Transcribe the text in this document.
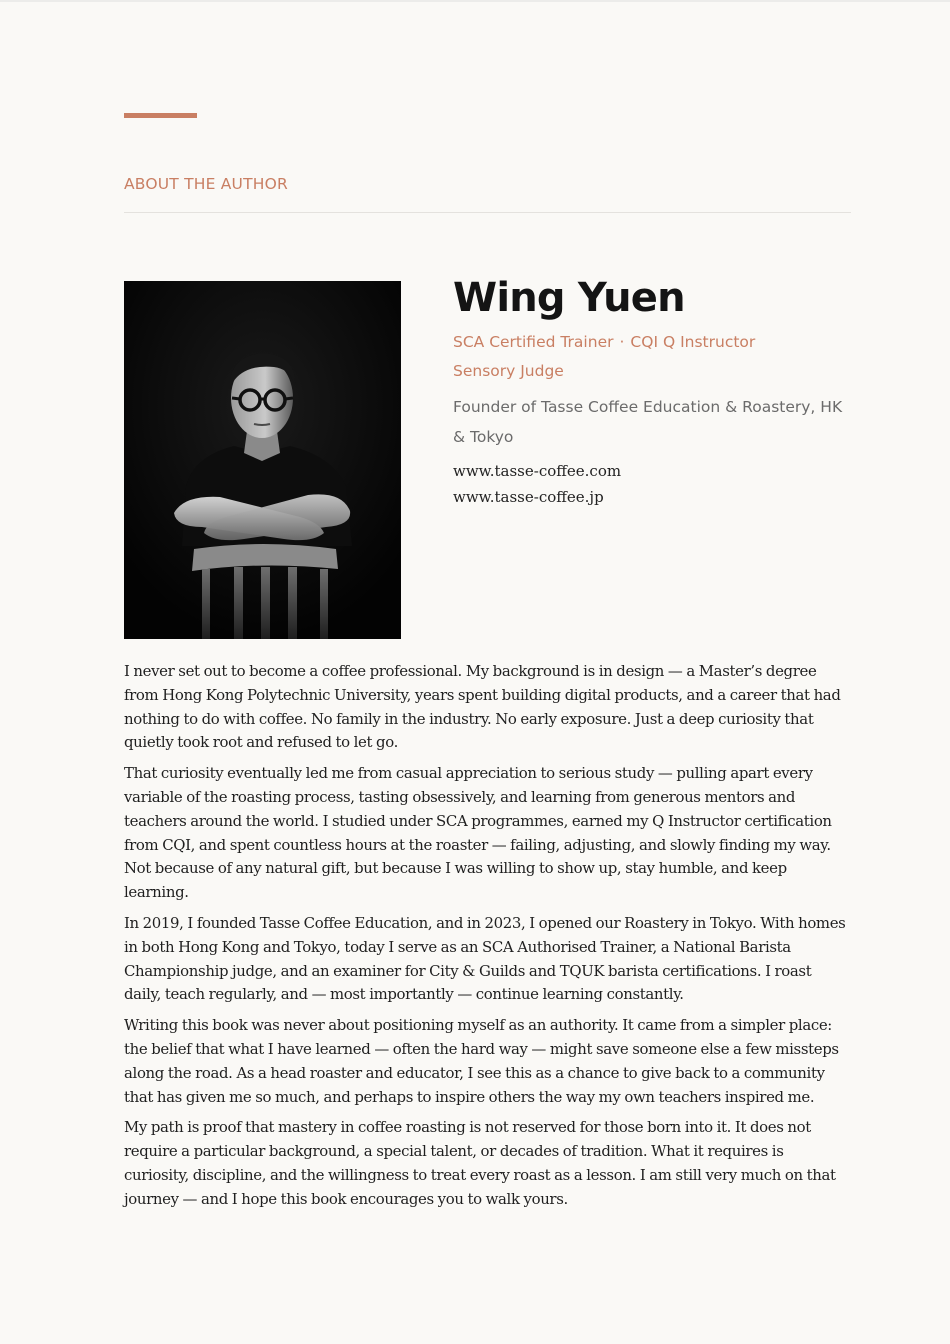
ABOUT THE AUTHOR
Wing Yuen
SCA Certified Trainer · CQI Q Instructor
Sensory Judge
Founder of Tasse Coffee Education & Roastery, HK & Tokyo
www.tasse-coffee.com
www.tasse-coffee.jp

I never set out to become a coffee professional. My background is in design — a Master’s degree from Hong Kong Polytechnic University, years spent building digital products, and a career that had nothing to do with coffee. No family in the industry. No early exposure. Just a deep curiosity that quietly took root and refused to let go.

That curiosity eventually led me from casual appreciation to serious study — pulling apart every variable of the roasting process, tasting obsessively, and learning from generous mentors and teachers around the world. I studied under SCA programmes, earned my Q Instructor certification from CQI, and spent countless hours at the roaster — failing, adjusting, and slowly finding my way. Not because of any natural gift, but because I was willing to show up, stay humble, and keep learning.

In 2019, I founded Tasse Coffee Education, and in 2023, I opened our Roastery in Tokyo. With homes in both Hong Kong and Tokyo, today I serve as an SCA Authorised Trainer, a National Barista Championship judge, and an examiner for City & Guilds and TQUK barista certifications. I roast daily, teach regularly, and — most importantly — continue learning constantly.

Writing this book was never about positioning myself as an authority. It came from a simpler place: the belief that what I have learned — often the hard way — might save someone else a few missteps along the road. As a head roaster and educator, I see this as a chance to give back to a community that has given me so much, and perhaps to inspire others the way my own teachers inspired me.

My path is proof that mastery in coffee roasting is not reserved for those born into it. It does not require a particular background, a special talent, or decades of tradition. What it requires is curiosity, discipline, and the willingness to treat every roast as a lesson. I am still very much on that journey — and I hope this book encourages you to walk yours.
